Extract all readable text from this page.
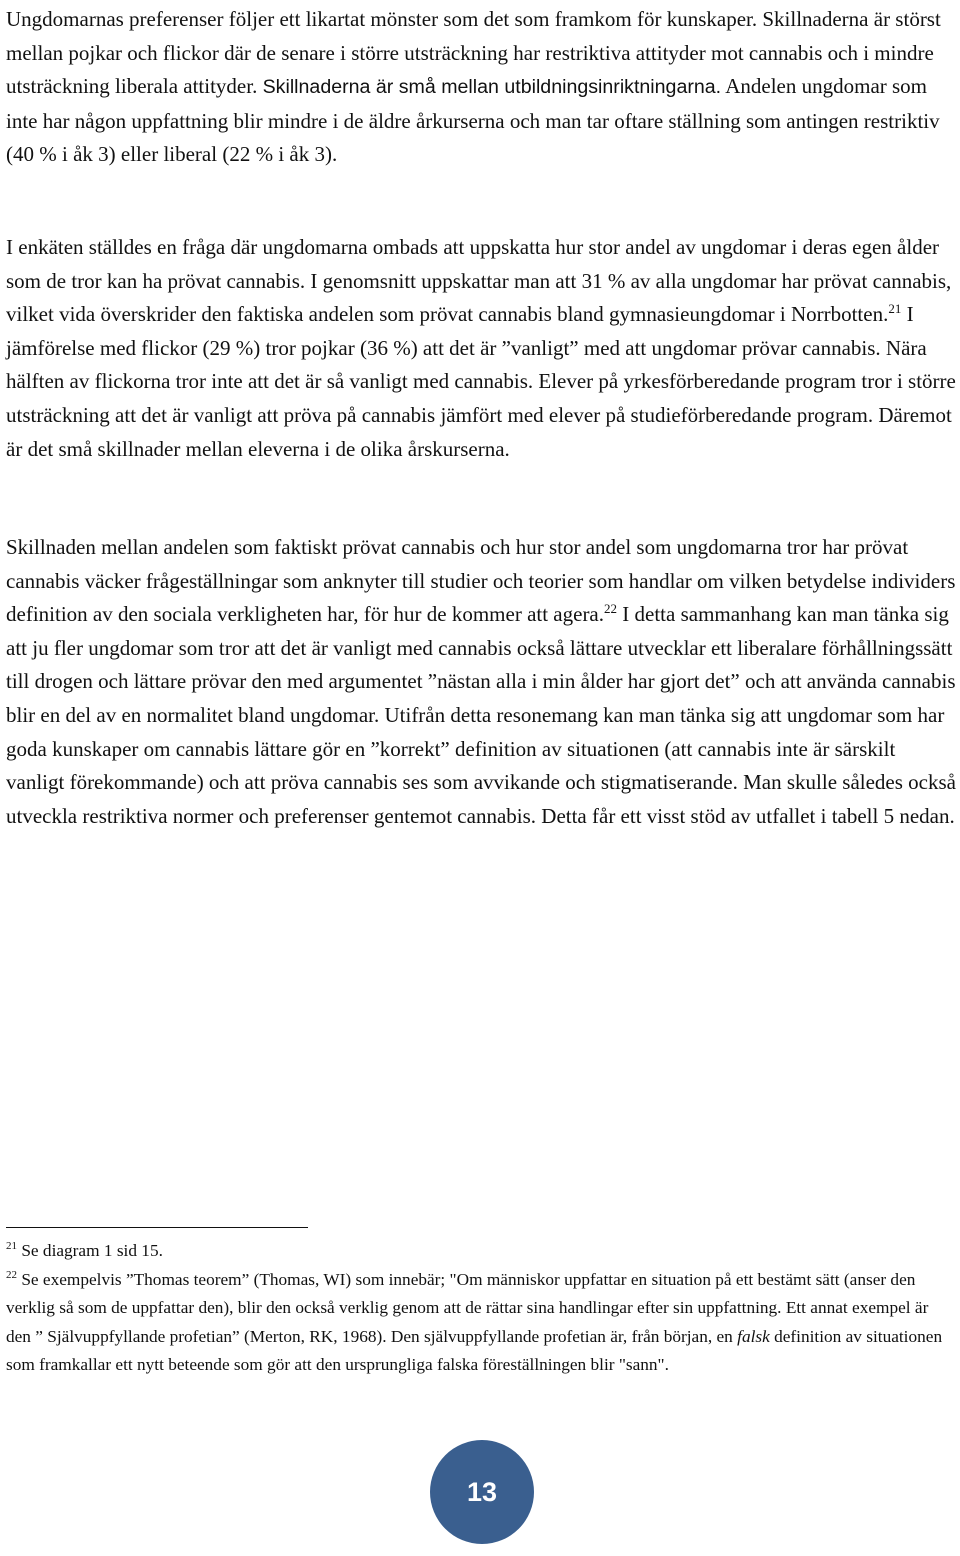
Ungdomarnas preferenser följer ett likartat mönster som det som framkom för kunskaper. Skillnaderna är störst mellan pojkar och flickor där de senare i större utsträckning har restriktiva attityder mot cannabis och i mindre utsträckning liberala attityder. Skillnaderna är små mellan utbildningsinriktningarna. Andelen ungdomar som inte har någon uppfattning blir mindre i de äldre årkurserna och man tar oftare ställning som antingen restriktiv (40 % i åk 3) eller liberal (22 % i åk 3).

I enkäten ställdes en fråga där ungdomarna ombads att uppskatta hur stor andel av ungdomar i deras egen ålder som de tror kan ha prövat cannabis. I genomsnitt uppskattar man att 31 % av alla ungdomar har prövat cannabis, vilket vida överskrider den faktiska andelen som prövat cannabis bland gymnasieungdomar i Norrbotten.$^{21}$ I jämförelse med flickor (29 %) tror pojkar (36 %) att det är ”vanligt” med att ungdomar prövar cannabis. Nära hälften av flickorna tror inte att det är så vanligt med cannabis. Elever på yrkesförberedande program tror i större utsträckning att det är vanligt att pröva på cannabis jämfört med elever på studieförberedande program. Däremot är det små skillnader mellan eleverna i de olika årskurserna.

Skillnaden mellan andelen som faktiskt prövat cannabis och hur stor andel som ungdomarna tror har prövat cannabis väcker frågeställningar som anknyter till studier och teorier som handlar om vilken betydelse individers definition av den sociala verkligheten har, för hur de kommer att agera.$^{22}$ I detta sammanhang kan man tänka sig att ju fler ungdomar som tror att det är vanligt med cannabis också lättare utvecklar ett liberalare förhållningssätt till drogen och lättare prövar den med argumentet ”nästan alla i min ålder har gjort det” och att använda cannabis blir en del av en normalitet bland ungdomar. Utifrån detta resonemang kan man tänka sig att ungdomar som har goda kunskaper om cannabis lättare gör en ”korrekt” definition av situationen (att cannabis inte är särskilt vanligt förekommande) och att pröva cannabis ses som avvikande och stigmatiserande. Man skulle således också utveckla restriktiva normer och preferenser gentemot cannabis. Detta får ett visst stöd av utfallet i tabell 5 nedan.

$^{21}$ Se diagram 1 sid 15.

$^{22}$ Se exempelvis ”Thomas teorem” (Thomas, WI) som innebär; "Om människor uppfattar en situation på ett bestämt sätt (anser den verklig så som de uppfattar den), blir den också verklig genom att de rättar sina handlingar efter sin uppfattning. Ett annat exempel är den ” Självuppfyllande profetian” (Merton, RK, 1968). Den självuppfyllande profetian är, från början, en falsk definition av situationen som framkallar ett nytt beteende som gör att den ursprungliga falska föreställningen blir "sann".

13
